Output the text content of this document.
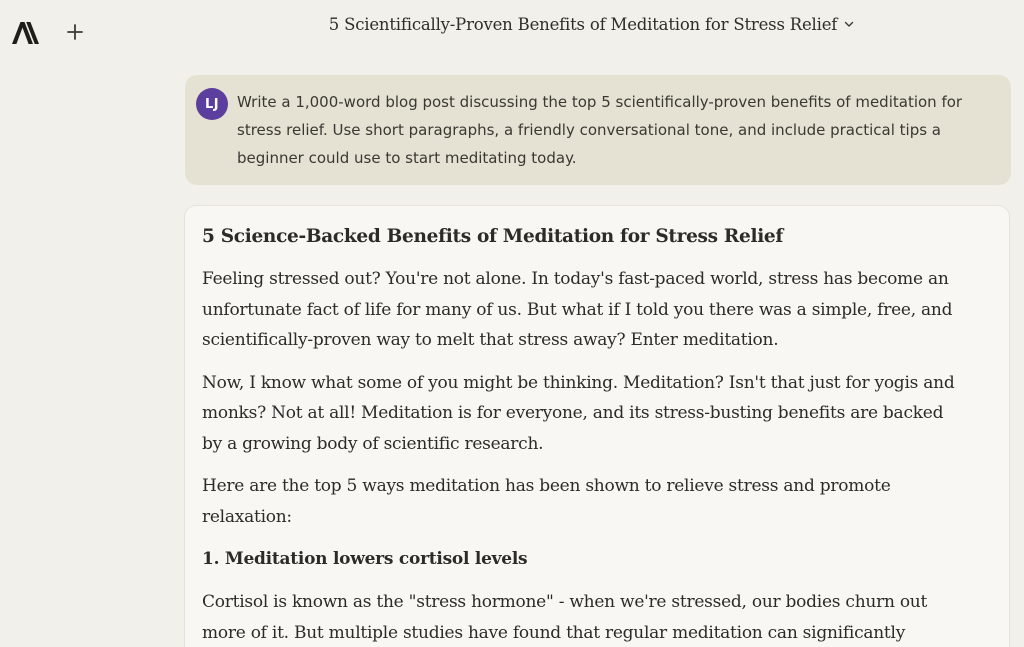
5 Scientifically-Proven Benefits of Meditation for Stress Relief
LJ	Write a 1,000-word blog post discussing the top 5 scientifically-proven benefits of meditation for stress relief. Use short paragraphs, a friendly conversational tone, and include practical tips a beginner could use to start meditating today.
5 Science-Backed Benefits of Meditation for Stress Relief

Feeling stressed out? You're not alone. In today's fast-paced world, stress has become an unfortunate fact of life for many of us. But what if I told you there was a simple, free, and scientifically-proven way to melt that stress away? Enter meditation.

Now, I know what some of you might be thinking. Meditation? Isn't that just for yogis and monks? Not at all! Meditation is for everyone, and its stress-busting benefits are backed by a growing body of scientific research.

Here are the top 5 ways meditation has been shown to relieve stress and promote relaxation:

1. Meditation lowers cortisol levels

Cortisol is known as the "stress hormone" - when we're stressed, our bodies churn out more of it. But multiple studies have found that regular meditation can significantly
